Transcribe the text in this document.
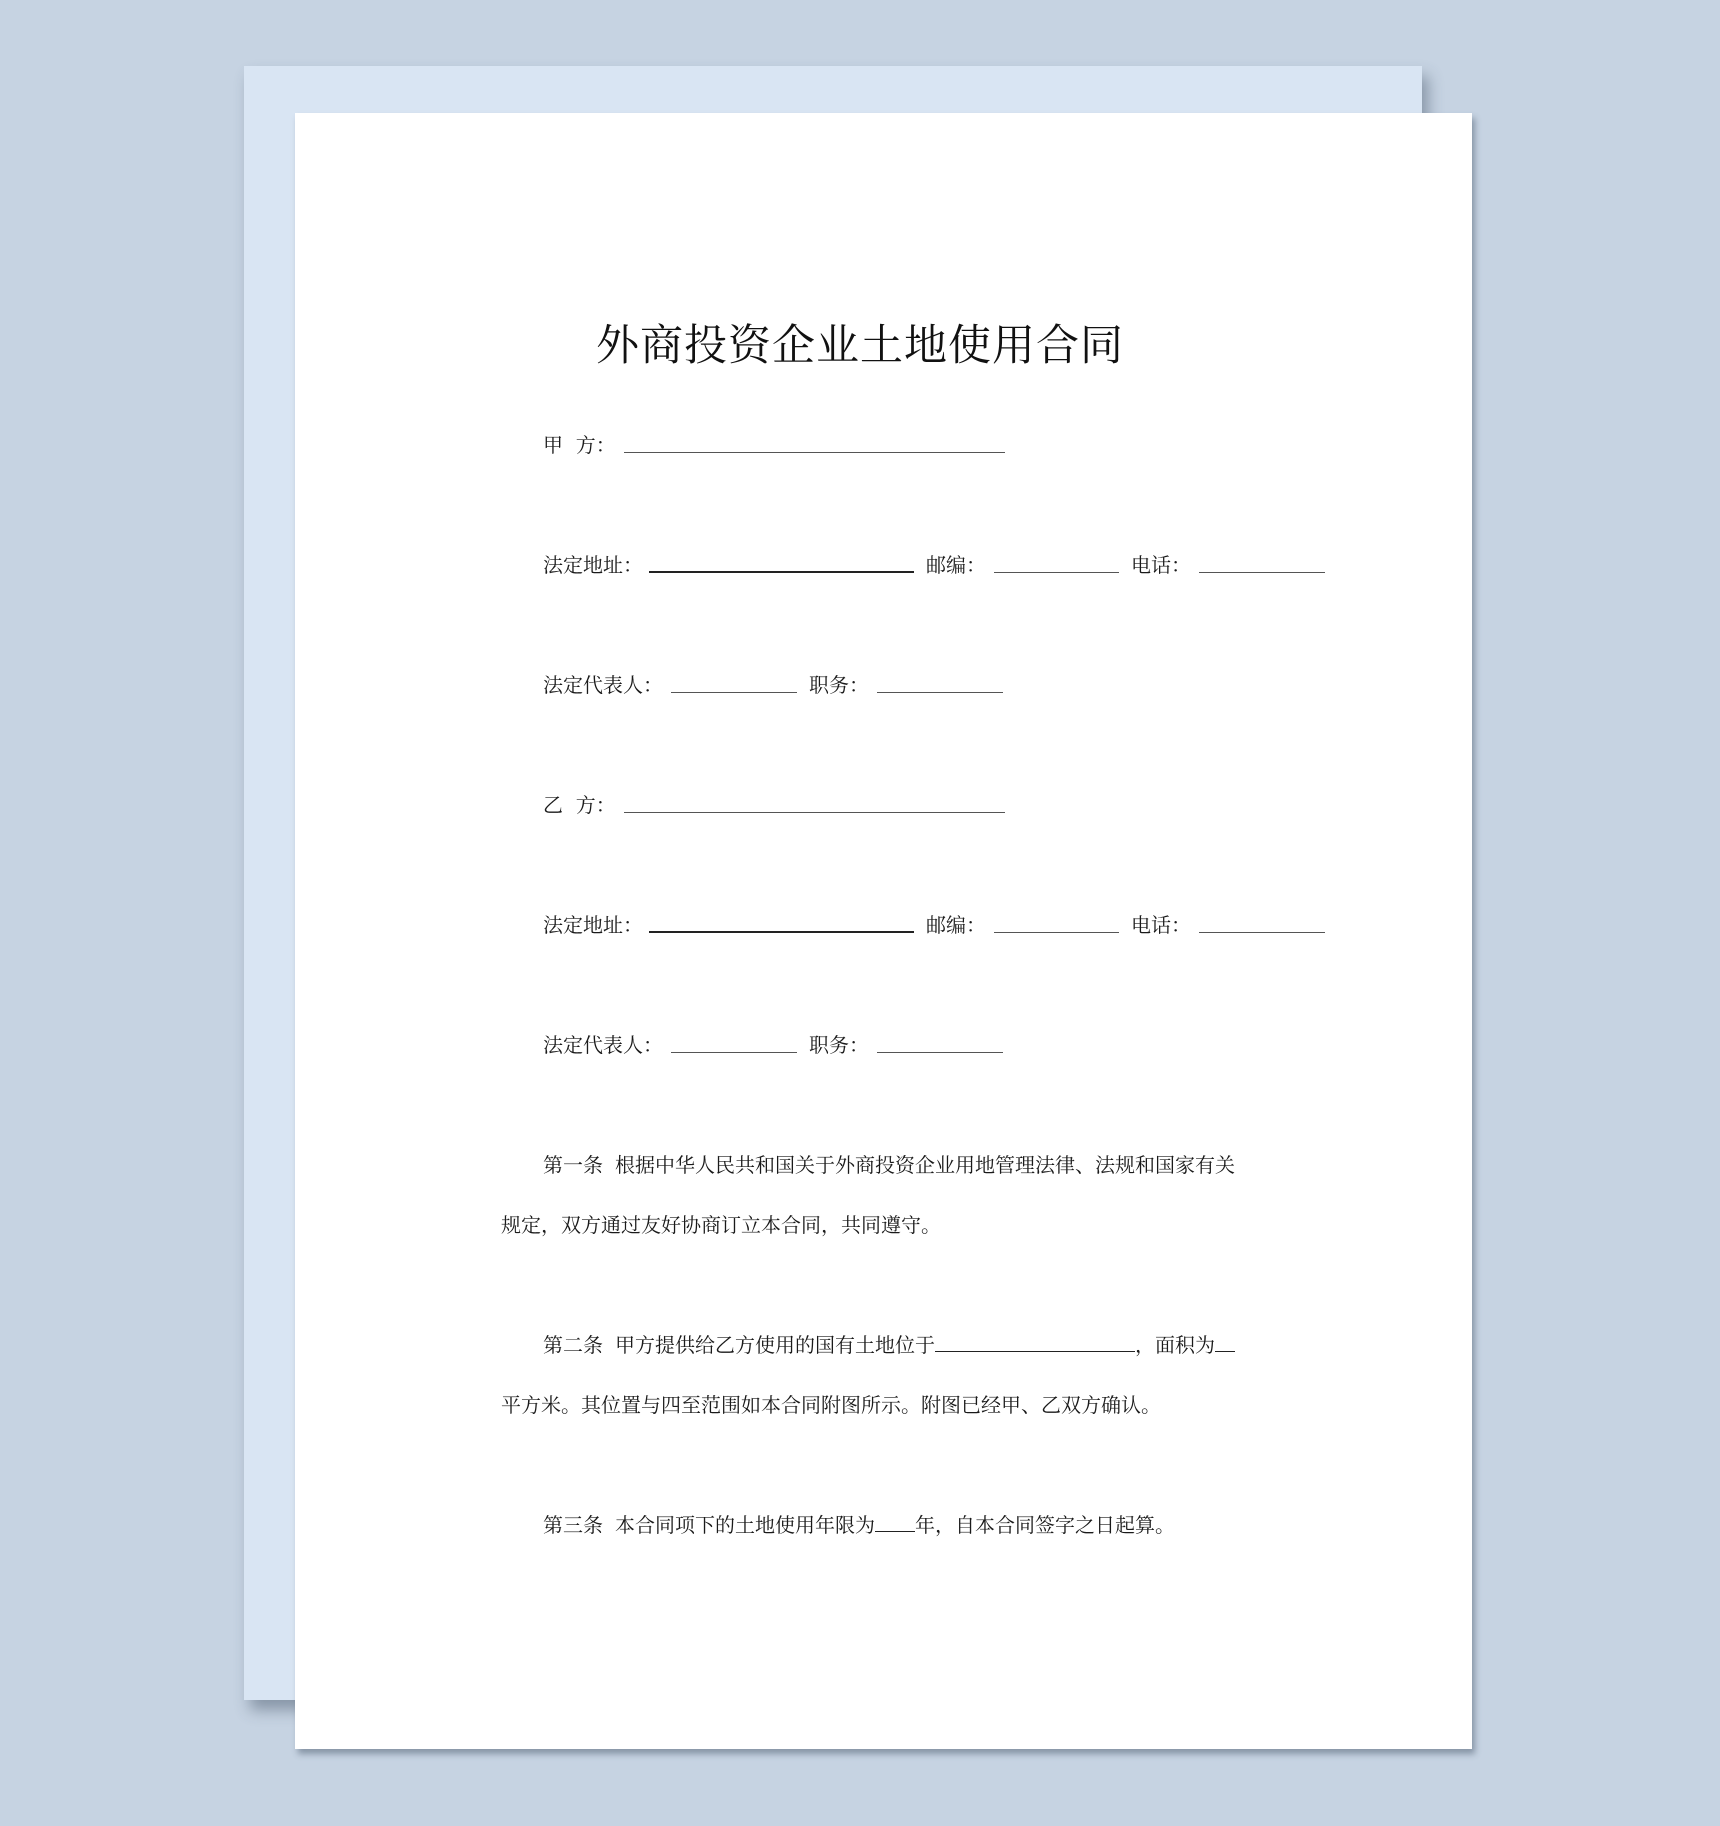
外商投资企业土地使用合同
甲  方：
法定地址：	邮编：	电话：
法定代表人：	职务：
乙  方：
法定地址：	邮编：	电话：
法定代表人：	职务：
第一条 根据中华人民共和国关于外商投资企业用地管理法律、法规和国家有关
规定，双方通过友好协商订立本合同，共同遵守。
第二条 甲方提供给乙方使用的国有土地位于	，面积为
平方米。其位置与四至范围如本合同附图所示。附图已经甲、乙双方确认。
第三条 本合同项下的土地使用年限为 年，自本合同签字之日起算。
